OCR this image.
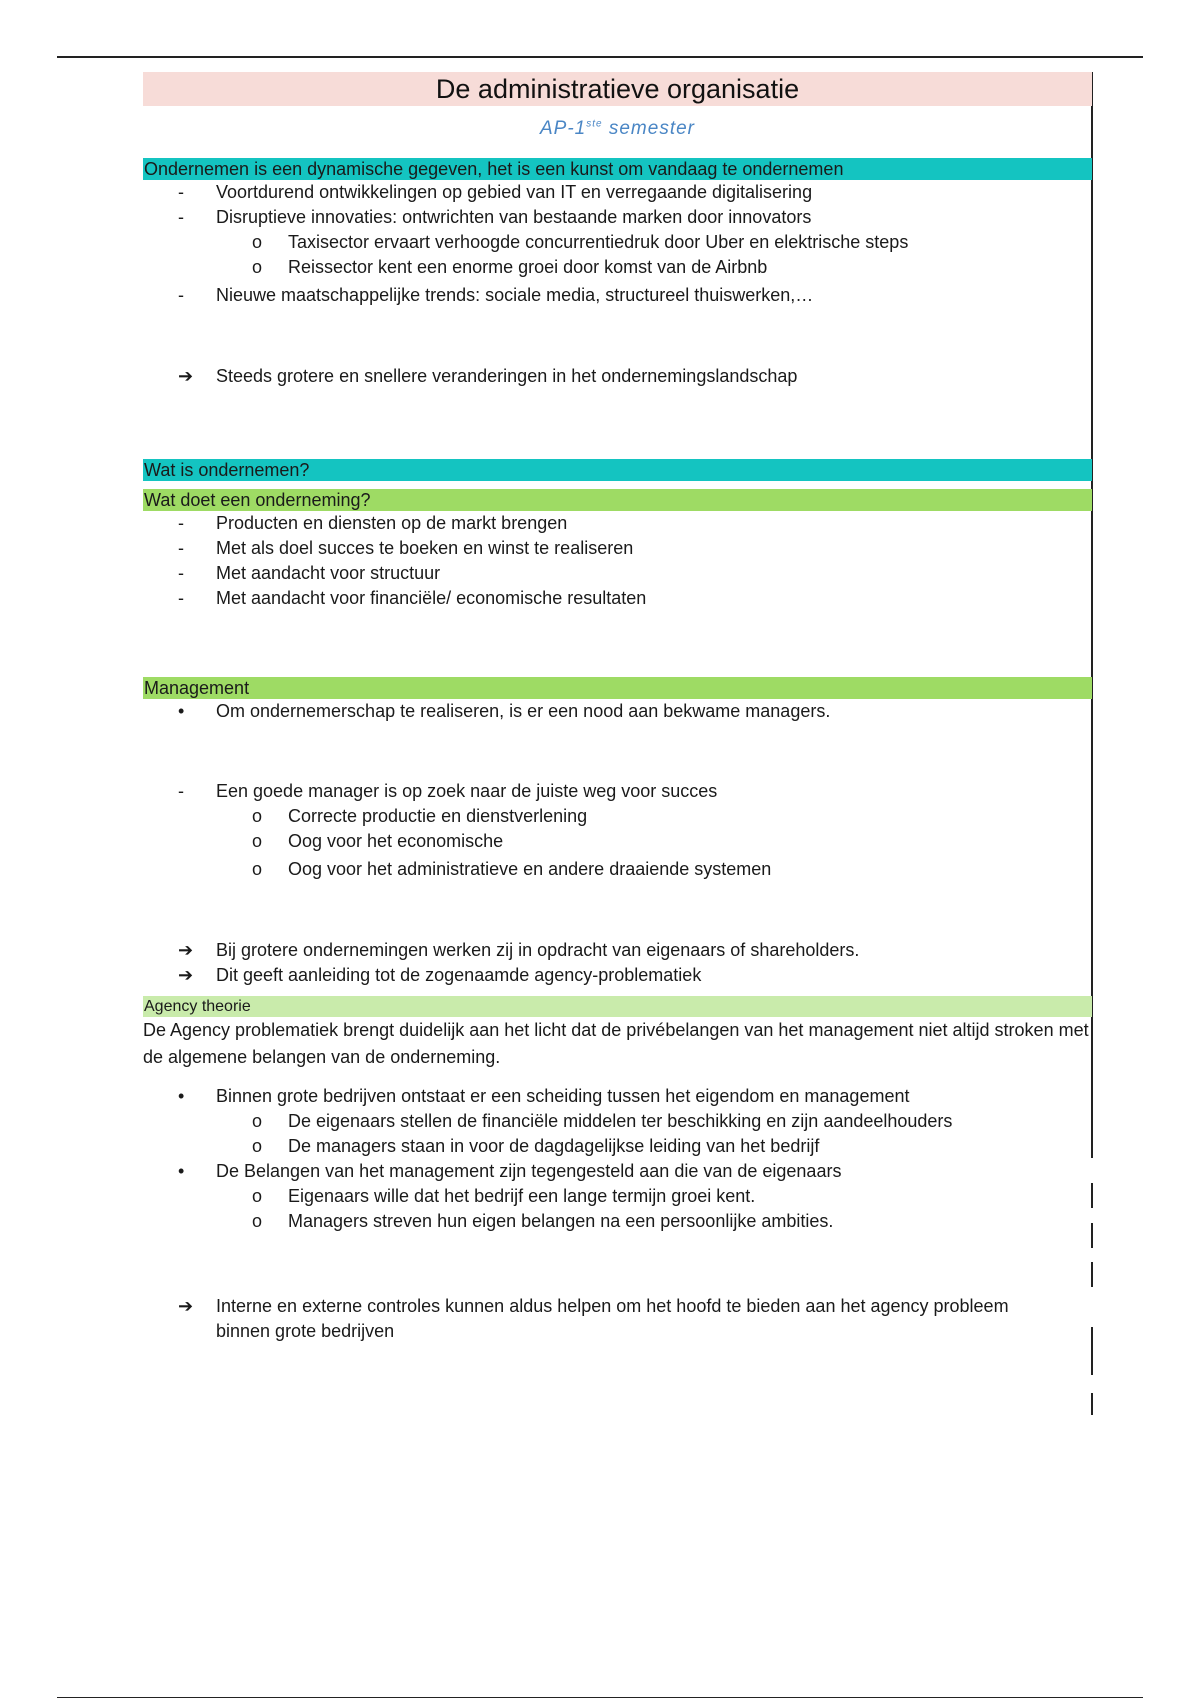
De administratieve organisatie
AP-1ste semester
Ondernemen is een dynamische gegeven, het is een kunst om vandaag te ondernemen
-	Voortdurend ontwikkelingen op gebied van IT en verregaande digitalisering
-	Disruptieve innovaties: ontwrichten van bestaande marken door innovators
o	Taxisector ervaart verhoogde concurrentiedruk door Uber en elektrische steps
o	Reissector kent een enorme groei door komst van de Airbnb
-	Nieuwe maatschappelijke trends: sociale media, structureel thuiswerken,…
➔ Steeds grotere en snellere veranderingen in het ondernemingslandschap
Wat is ondernemen?
Wat doet een onderneming?
-	Producten en diensten op de markt brengen
-	Met als doel succes te boeken en winst te realiseren
-	Met aandacht voor structuur
-	Met aandacht voor financiële/ economische resultaten
Management
•	Om ondernemerschap te realiseren, is er een nood aan bekwame managers.
-	Een goede manager is op zoek naar de juiste weg voor succes
o	Correcte productie en dienstverlening
o	Oog voor het economische
o	Oog voor het administratieve en andere draaiende systemen
➔ Bij grotere ondernemingen werken zij in opdracht van eigenaars of shareholders.
➔ Dit geeft aanleiding tot de zogenaamde agency-problematiek
Agency theorie
De Agency problematiek brengt duidelijk aan het licht dat de privébelangen van het management niet altijd stroken met de algemene belangen van de onderneming.
•	Binnen grote bedrijven ontstaat er een scheiding tussen het eigendom en management
o	De eigenaars stellen de financiële middelen ter beschikking en zijn aandeelhouders
o	De managers staan in voor de dagdagelijkse leiding van het bedrijf
•	De Belangen van het management zijn tegengesteld aan die van de eigenaars
o	Eigenaars wille dat het bedrijf een lange termijn groei kent.
o	Managers streven hun eigen belangen na een persoonlijke ambities.
➔ Interne en externe controles kunnen aldus helpen om het hoofd te bieden aan het agency probleem binnen grote bedrijven
